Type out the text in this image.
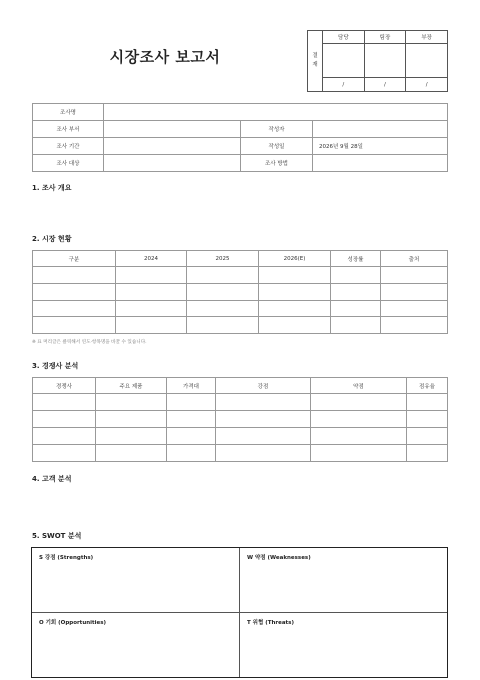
시장조사 보고서	결
재	담당	팀장	부장

	/	/	/
조사명			
조사 부서		작성자	
조사 기간		작성일	2026년 9월 28일
조사 대상		조사 방법	
1. 조사 개요
2. 시장 현황
구분	2024	2025	2026(E)	성장률	출처

※ 표 머리글은 클릭해서 연도·항목명을 바꿀 수 있습니다.
3. 경쟁사 분석
경쟁사	주요 제품	가격대	강점	약점	점유율

4. 고객 분석
5. SWOT 분석
S 강점 (Strengths)	W 약점 (Weaknesses)
O 기회 (Opportunities)	T 위협 (Threats)
